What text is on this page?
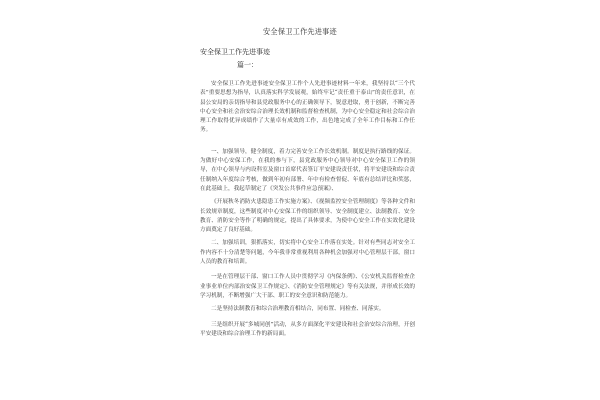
安全保卫工作先进事迹
安全保卫工作先进事迹
篇一：

安全保卫工作先进事迹安全保卫工作个人先进事迹材料一年来，我坚持以“三个代表”重要思想为指导，认真落实科学发展观，始终牢记“责任重于泰山”的责任意识，在县公安局的亲切指导和县党政服务中心的正确领导下，锐意进取，勇于创新，不断完善中心安全和社会治安综合治理长效机制和监督检查机制，为中心安全稳定和社会综合治理工作取得优异成绩作了大量卓有成效的工作，出色地完成了全年工作目标和工作任务。

一、加强领导，健全制度，着力完善安全工作长效机制。制度是执行路线的保证。为做好中心安保工作，在我的参与下，县党政服务中心领导对中心安全保卫工作的领导，在中心领导与内设科室及窗口首席代表签订平安建设责任状，将平安建设和综合责任制纳入年度综合考核，做到年初有部署、年中有检查督促、年底有总结评比和奖惩，在此基础上，我起草制定了《突发公共事件应急预案》、

《开展秋冬消防火患隐患工作实施方案》、《视频监控安全管理制度》等各种文件和长效规章制度，这些制度对中心安保工作的组织领导、安全制度建立、法制教育、安全教育、消防安全等作了明确的规定，提出了具体要求，为使中心安全工作在实效化建设方面奠定了良好基础。

二、加强培训，狠抓落实，切实将中心安全工作落在实处。针对有些同志对安全工作内容不十分清楚等问题，今年我非常重视利用各种机会加强对中心管理层干部，窗口人员的教育和培训。

一是在管理层干部、窗口工作人员中贯彻学习《内保条例》、《公安机关监督检查企业事业单位内部治安保卫工作规定》、《消防安全管理规定》等有关法规，并形成长效的学习机制，不断增强广大干部、职工的安全意识和防范能力。

二是坚持法制教育和综合治理教育相结合，同布置、同检查、同落实。

三是组织开展“多城同创”活动，从多方面深化平安建设和社会治安综合治理，开创平安建设和综合治理工作的新局面。
